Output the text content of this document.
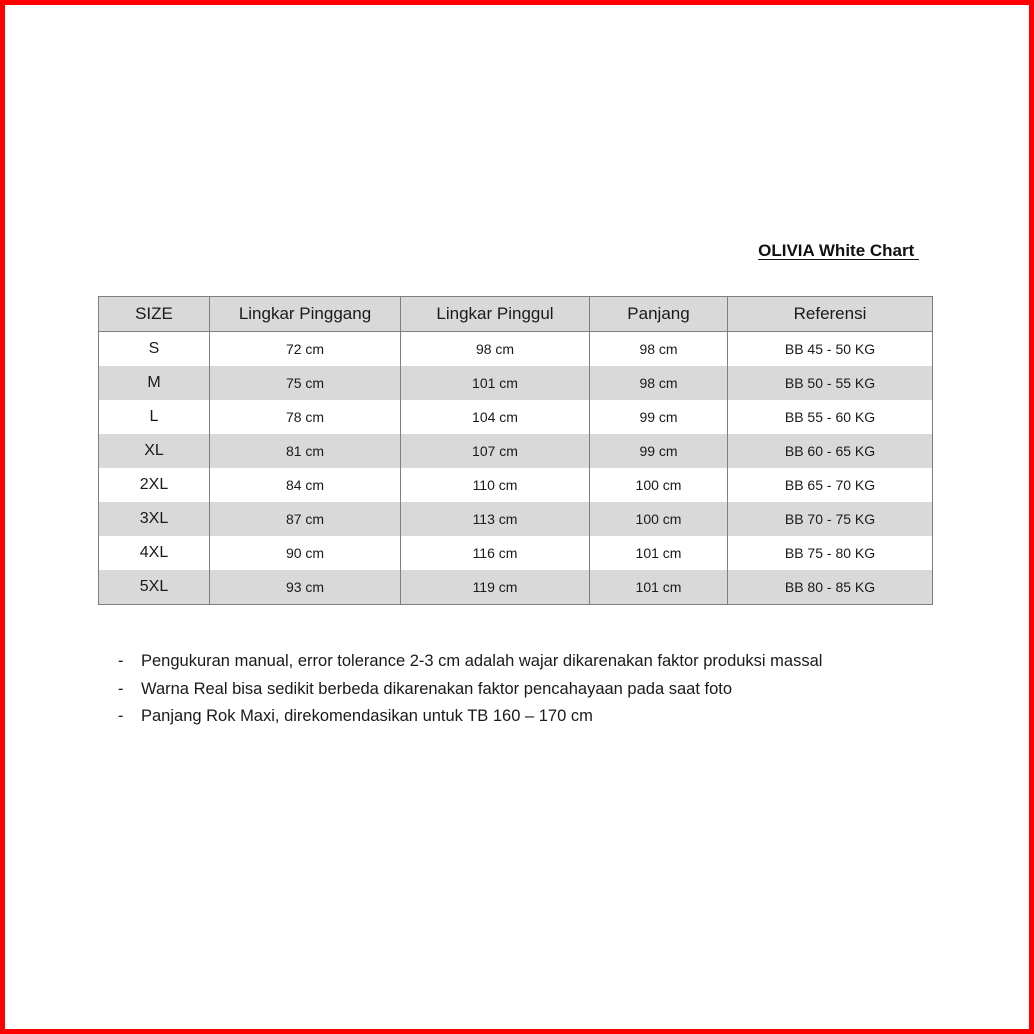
OLIVIA White Chart
SIZE	Lingkar Pinggang	Lingkar Pinggul	Panjang	Referensi
S	72 cm	98 cm	98 cm	BB 45 - 50 KG
M	75 cm	101 cm	98 cm	BB 50 - 55 KG
L	78 cm	104 cm	99 cm	BB 55 - 60 KG
XL	81 cm	107 cm	99 cm	BB 60 - 65 KG
2XL	84 cm	110 cm	100 cm	BB 65 - 70 KG
3XL	87 cm	113 cm	100 cm	BB 70 - 75 KG
4XL	90 cm	116 cm	101 cm	BB 75 - 80 KG
5XL	93 cm	119 cm	101 cm	BB 80 - 85 KG
-	Pengukuran manual, error tolerance 2-3 cm adalah wajar dikarenakan faktor produksi massal
-	Warna Real bisa sedikit berbeda dikarenakan faktor pencahayaan pada saat foto
-	Panjang Rok Maxi, direkomendasikan untuk TB 160 – 170 cm
